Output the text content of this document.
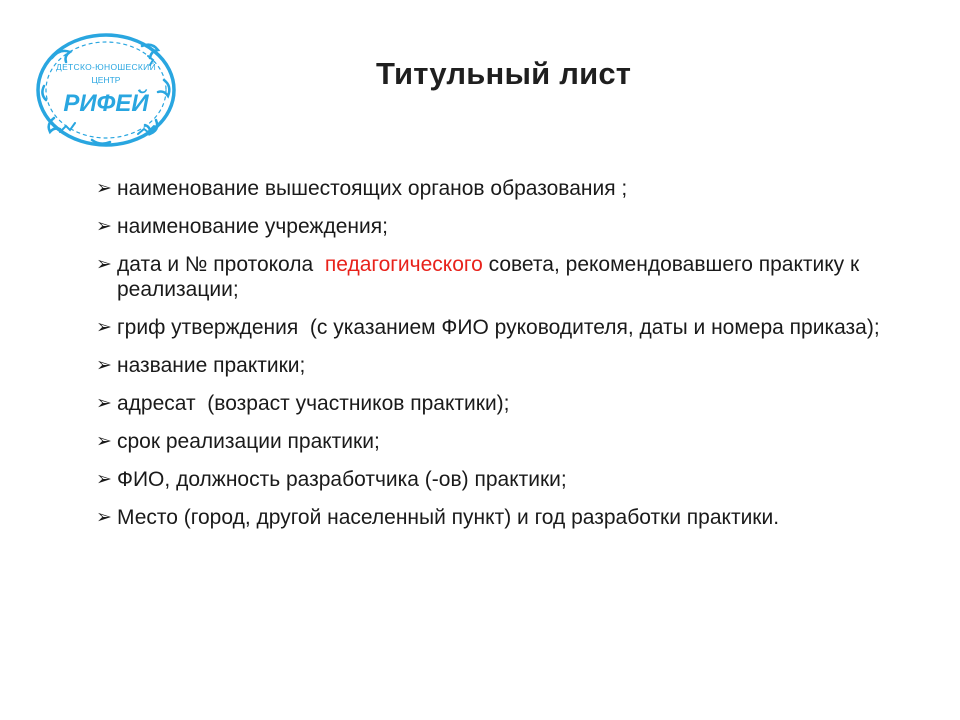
ДЕТСКО-ЮНОШЕСКИЙ
ЦЕНТР
РИФЕЙ
Титульный лист
➢ наименование вышестоящих органов образования ;
➢ наименование учреждения;
➢ дата и № протокола  педагогического совета, рекомендовавшего практику к реализации;
➢ гриф утверждения  (с указанием ФИО руководителя, даты и номера приказа);
➢ название практики;
➢ адресат  (возраст участников практики);
➢ срок реализации практики;
➢ ФИО, должность разработчика (-ов) практики;
➢ Место (город, другой населенный пункт) и год разработки практики.
